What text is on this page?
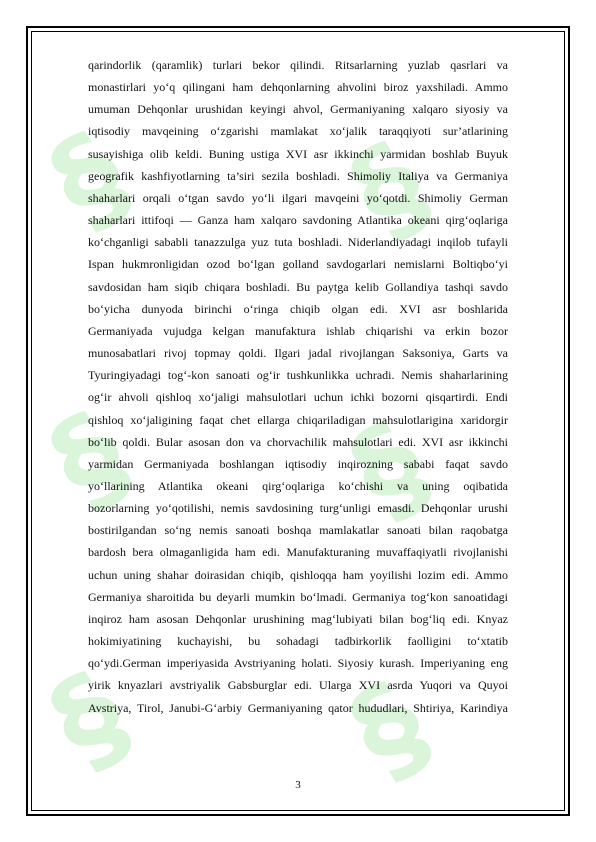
§ §
§ §
§ §
qarindorlik (qaramlik) turlari bekor qilindi. Ritsarlarning yuzlab qasrlari va
monastirlari yo‘q qilingani ham dehqonlarning ahvolini biroz yaxshiladi. Ammo
umuman Dehqonlar urushidan keyingi ahvol, Germaniyaning xalqaro siyosiy va
iqtisodiy mavqeining o‘zgarishi mamlakat xo‘jalik taraqqiyoti sur’atlarining
susayishiga olib keldi. Buning ustiga XVI asr ikkinchi yarmidan boshlab Buyuk
geografik kashfiyotlarning ta’siri sezila boshladi. Shimoliy Italiya va Germaniya
shaharlari orqali o‘tgan savdo yo‘li ilgari mavqeini yo‘qotdi. Shimoliy German
shaharlari ittifoqi — Ganza ham xalqaro savdoning Atlantika okeani qirg‘oqlariga
ko‘chganligi sababli tanazzulga yuz tuta boshladi. Niderlandiyadagi inqilob tufayli
Ispan hukmronligidan ozod bo‘lgan golland savdogarlari nemislarni Boltiqbo‘yi
savdosidan ham siqib chiqara boshladi. Bu paytga kelib Gollandiya tashqi savdo
bo‘yicha dunyoda birinchi o‘ringa chiqib olgan edi. XVI asr boshlarida
Germaniyada vujudga kelgan manufaktura ishlab chiqarishi va erkin bozor
munosabatlari rivoj topmay qoldi. Ilgari jadal rivojlangan Saksoniya, Garts va
Tyuringiyadagi tog‘-kon sanoati og‘ir tushkunlikka uchradi. Nemis shaharlarining
og‘ir ahvoli qishloq xo‘jaligi mahsulotlari uchun ichki bozorni qisqartirdi. Endi
qishloq xo‘jaligining faqat chet ellarga chiqariladigan mahsulotlarigina xaridorgir
bo‘lib qoldi. Bular asosan don va chorvachilik mahsulotlari edi. XVI asr ikkinchi
yarmidan Germaniyada boshlangan iqtisodiy inqirozning sababi faqat savdo
yo‘llarining Atlantika okeani qirg‘oqlariga ko‘chishi va uning oqibatida
bozorlarning yo‘qotilishi, nemis savdosining turg‘unligi emasdi. Dehqonlar urushi
bostirilgandan so‘ng nemis sanoati boshqa mamlakatlar sanoati bilan raqobatga
bardosh bera olmaganligida ham edi. Manufakturaning muvaffaqiyatli rivojlanishi
uchun uning shahar doirasidan chiqib, qishloqqa ham yoyilishi lozim edi. Ammo
Germaniya sharoitida bu deyarli mumkin bo‘lmadi. Germaniya tog‘kon sanoatidagi
inqiroz ham asosan Dehqonlar urushining mag‘lubiyati bilan bog‘liq edi. Knyaz
hokimiyatining kuchayishi, bu sohadagi tadbirkorlik faolligini to‘xtatib
qo‘ydi.German imperiyasida Avstriyaning holati. Siyosiy kurash. Imperiyaning eng
yirik knyazlari avstriyalik Gabsburglar edi. Ularga XVI asrda Yuqori va Quyoi
Avstriya, Tirol, Janubi-G‘arbiy Germaniyaning qator hududlari, Shtiriya, Karindiya
3
